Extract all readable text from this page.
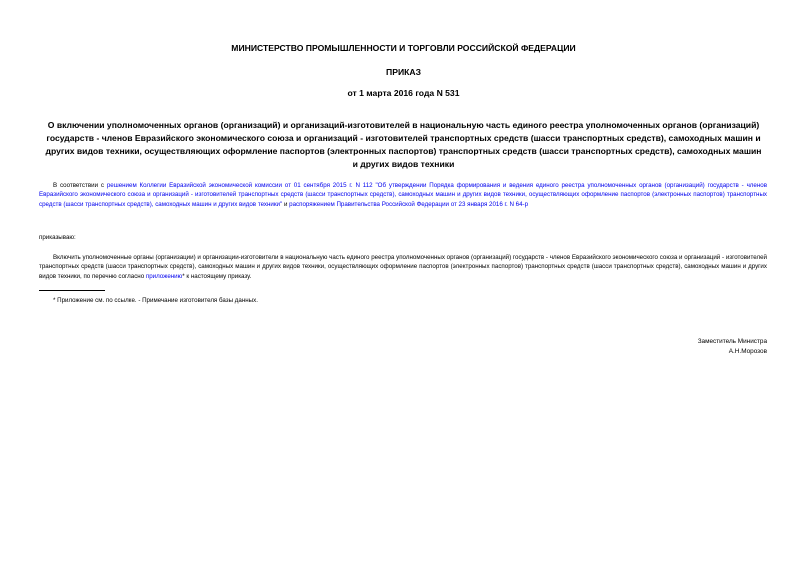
МИНИСТЕРСТВО ПРОМЫШЛЕННОСТИ И ТОРГОВЛИ РОССИЙСКОЙ ФЕДЕРАЦИИ

ПРИКАЗ

от 1 марта 2016 года N 531

О включении уполномоченных органов (организаций) и организаций-изготовителей в национальную часть единого реестра уполномоченных органов (организаций) государств - членов Евразийского экономического союза и организаций - изготовителей транспортных средств (шасси транспортных средств), самоходных машин и других видов техники, осуществляющих оформление паспортов (электронных паспортов) транспортных средств (шасси транспортных средств), самоходных машин и других видов техники

В соответствии с решением Коллегии Евразийской экономической комиссии от 01 сентября 2015 г. N 112 "Об утверждении Порядка формирования и ведения единого реестра уполномоченных органов (организаций) государств - членов Евразийского экономического союза и организаций - изготовителей транспортных средств (шасси транспортных средств), самоходных машин и других видов техники, осуществляющих оформление паспортов (электронных паспортов) транспортных средств (шасси транспортных средств), самоходных машин и других видов техники" и распоряжением Правительства Российской Федерации от 23 января 2016 г. N 64-р

приказываю:

Включить уполномоченные органы (организации) и организации-изготовители в национальную часть единого реестра уполномоченных органов (организаций) государств - членов Евразийского экономического союза и организаций - изготовителей транспортных средств (шасси транспортных средств), самоходных машин и других видов техники, осуществляющих оформление паспортов (электронных паспортов) транспортных средств (шасси транспортных средств), самоходных машин и других видов техники, по перечню согласно приложению* к настоящему приказу.

* Приложение см. по ссылке. - Примечание изготовителя базы данных.

Заместитель Министра
А.Н.Морозов
